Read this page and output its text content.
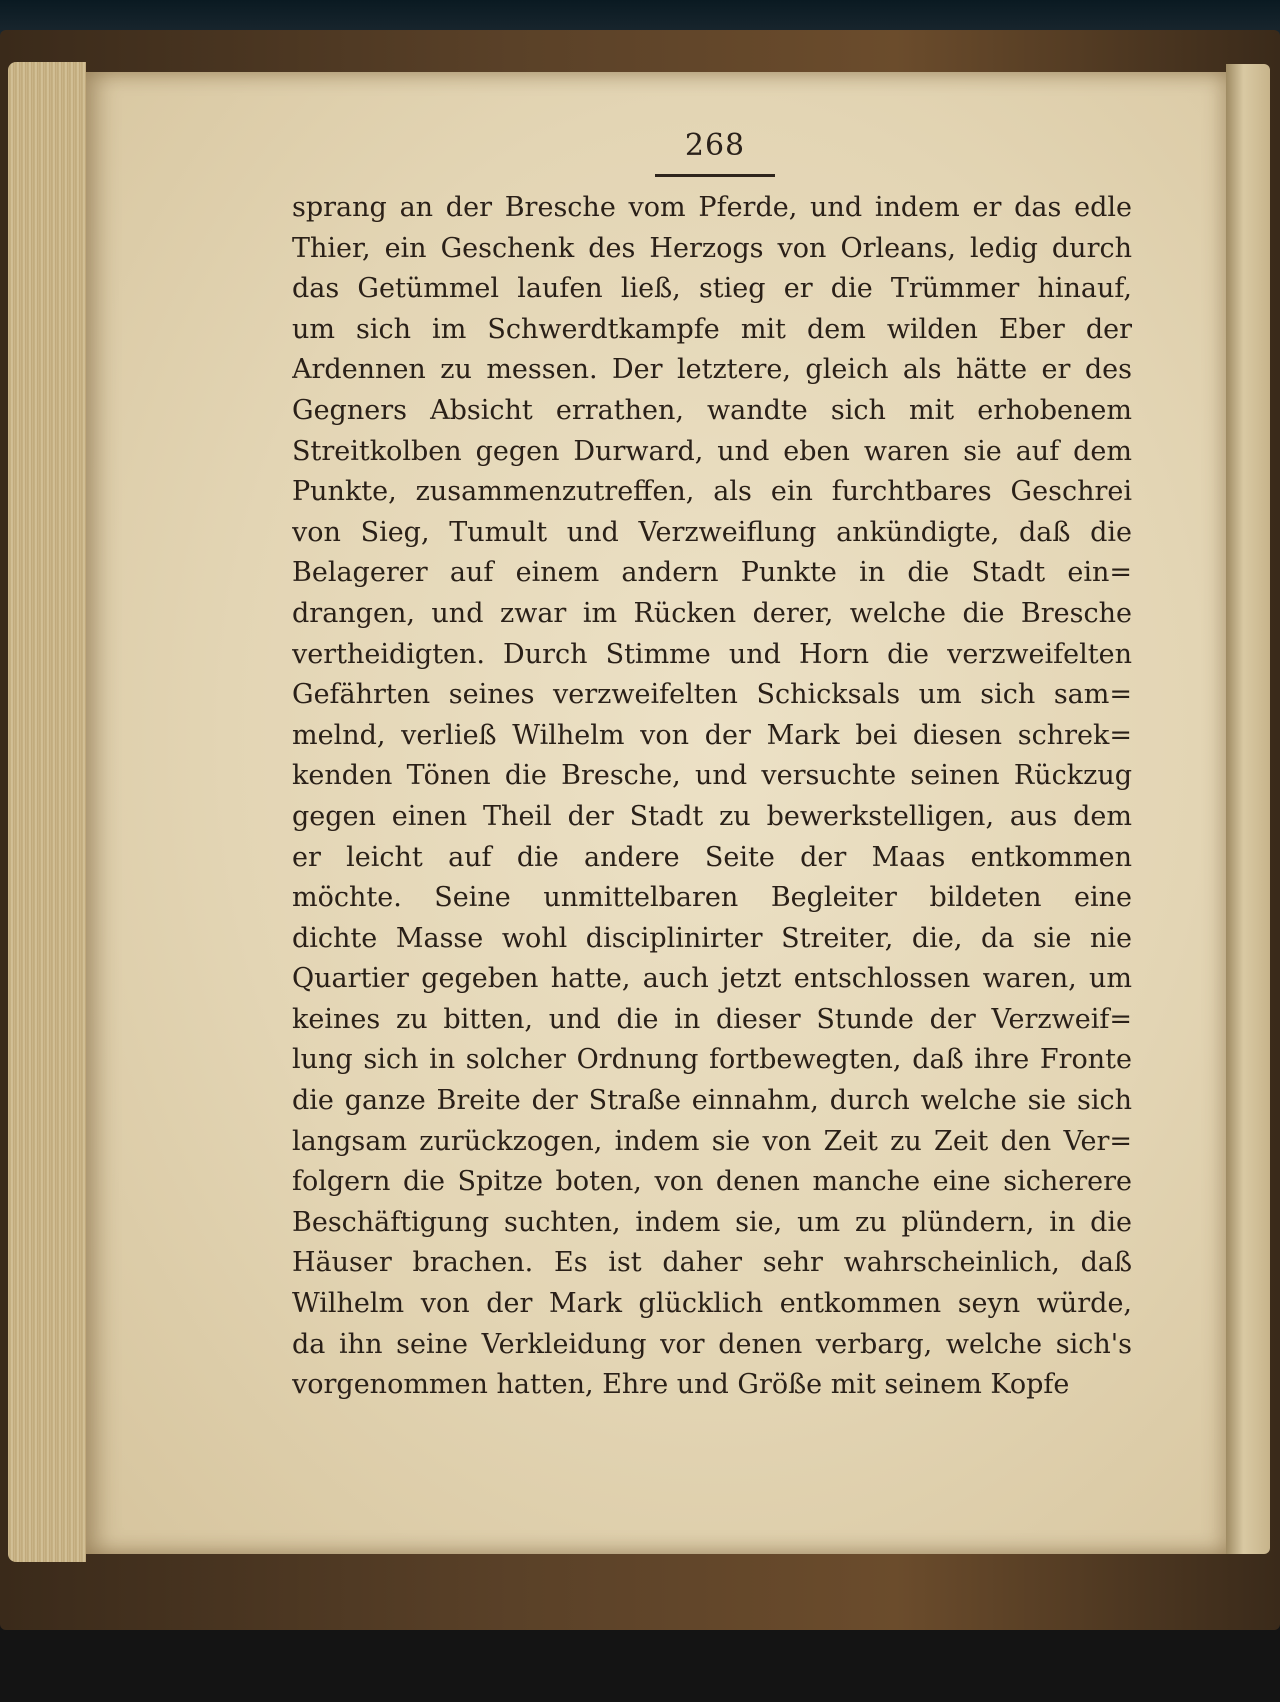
268
sprang an der Bresche vom Pferde, und indem er das edle
Thier, ein Geschenk des Herzogs von Orleans, ledig durch
das Getümmel laufen ließ, stieg er die Trümmer hinauf,
um sich im Schwerdtkampfe mit dem wilden Eber der
Ardennen zu messen. Der letztere, gleich als hätte er des
Gegners Absicht errathen, wandte sich mit erhobenem
Streitkolben gegen Durward, und eben waren sie auf dem
Punkte, zusammenzutreffen, als ein furchtbares Geschrei
von Sieg, Tumult und Verzweiflung ankündigte, daß die
Belagerer auf einem andern Punkte in die Stadt ein=
drangen, und zwar im Rücken derer, welche die Bresche
vertheidigten. Durch Stimme und Horn die verzweifelten
Gefährten seines verzweifelten Schicksals um sich sam=
melnd, verließ Wilhelm von der Mark bei diesen schrek=
kenden Tönen die Bresche, und versuchte seinen Rückzug
gegen einen Theil der Stadt zu bewerkstelligen, aus dem
er leicht auf die andere Seite der Maas entkommen
möchte. Seine unmittelbaren Begleiter bildeten eine
dichte Masse wohl disciplinirter Streiter, die, da sie nie
Quartier gegeben hatte, auch jetzt entschlossen waren, um
keines zu bitten, und die in dieser Stunde der Verzweif=
lung sich in solcher Ordnung fortbewegten, daß ihre Fronte
die ganze Breite der Straße einnahm, durch welche sie sich
langsam zurückzogen, indem sie von Zeit zu Zeit den Ver=
folgern die Spitze boten, von denen manche eine sicherere
Beschäftigung suchten, indem sie, um zu plündern, in die
Häuser brachen. Es ist daher sehr wahrscheinlich, daß
Wilhelm von der Mark glücklich entkommen seyn würde,
da ihn seine Verkleidung vor denen verbarg, welche sich's
vorgenommen hatten, Ehre und Größe mit seinem Kopfe
